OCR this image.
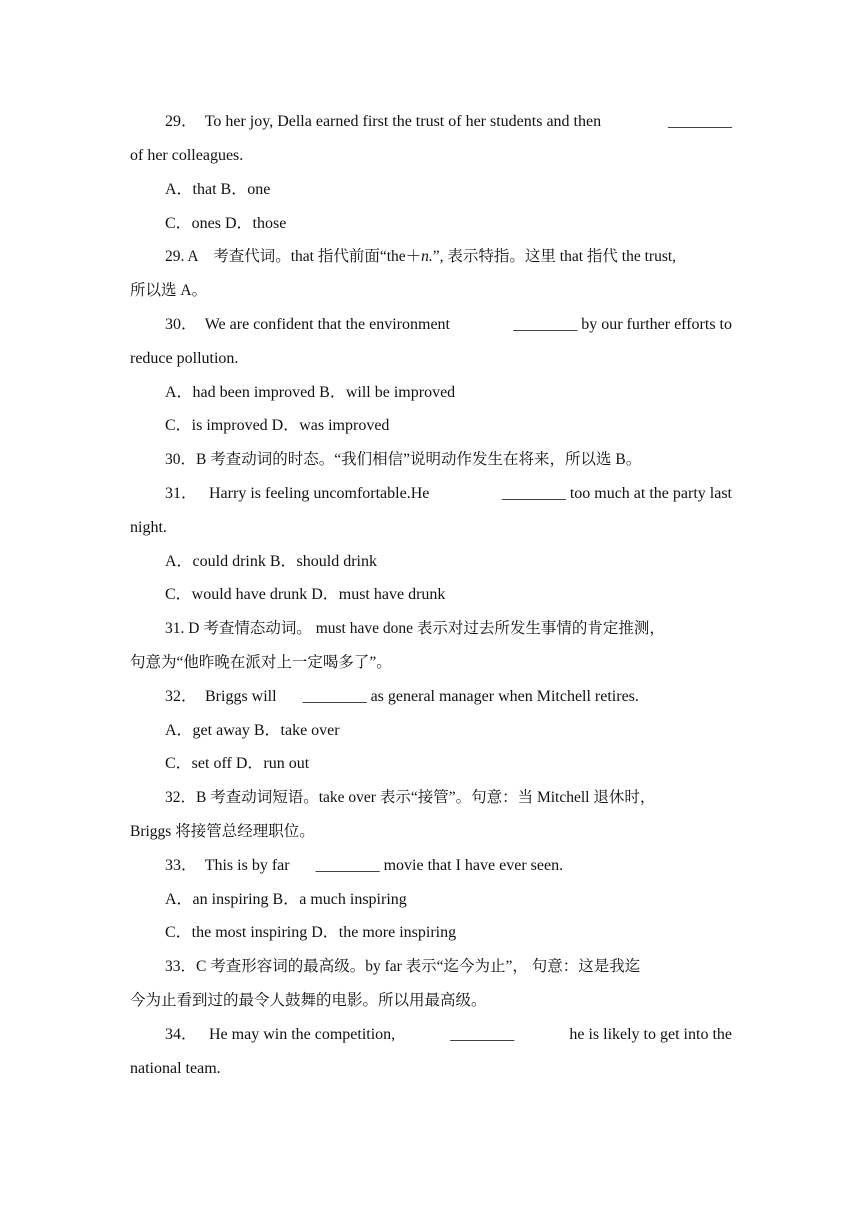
29．  To her joy, Della earned first the trust of her students and then	________
of her colleagues.
A．that B．one
C．ones D．those
29. A    考查代词。that 指代前面“the＋ n. ”, 表示特指。这里 that 指代 the trust,
所以选 A。
30．  We are confident that the environment	________ by our further efforts to
reduce pollution.
A．had been improved B．will be improved
C．is improved D．was improved
30．B 考查动词的时态。“我们相信”说明动作发生在将来，所以选 B。
31．   Harry is feeling uncomfortable.He	________ too much at the party last
night.
A．could drink B．should drink
C．would have drunk D．must have drunk
31. D 考查情态动词。 must have done 表示对过去所发生事情的肯定推测，
句意为“他昨晚在派对上一定喝多了”。
32．  Briggs will ________ as general manager when Mitchell retires.
A．get away B．take over
C．set off D．run out
32．B 考查动词短语。take over 表示“接管”。句意：当 Mitchell 退休时，
Briggs 将接管总经理职位。
33．  This is by far ________ movie that I have ever seen.
A．an inspiring B．a much inspiring
C．the most inspiring D．the more inspiring
33．C 考查形容词的最高级。by far 表示“迄今为止”， 句意：这是我迄
今为止看到过的最令人鼓舞的电影。所以用最高级。
34．   He may win the competition,	________	he is likely to get into the
national team.
